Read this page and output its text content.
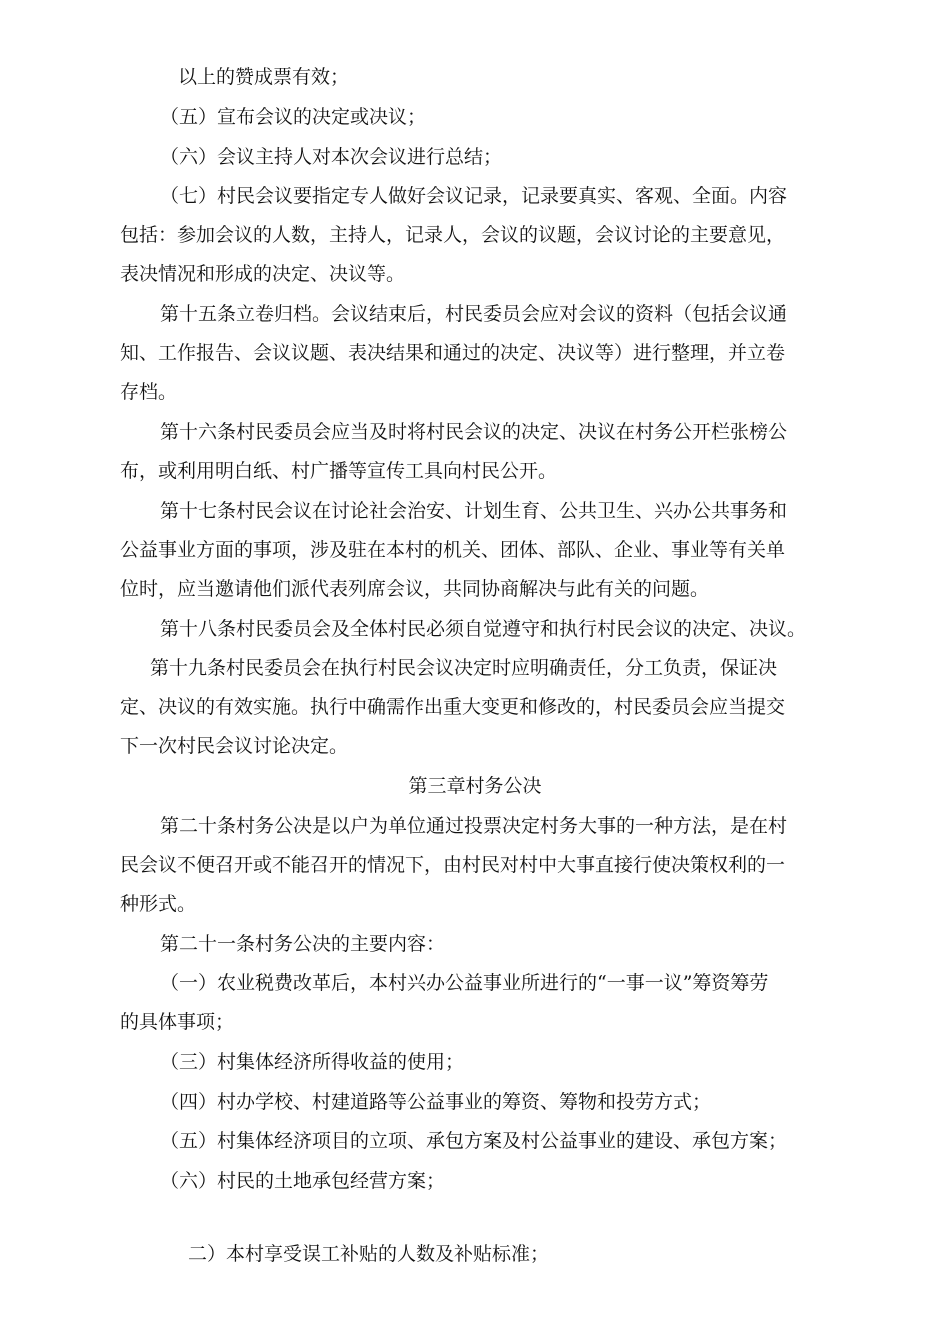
以上的赞成票有效；
（五）宣布会议的决定或决议；
（六）会议主持人对本次会议进行总结；
（七）村民会议要指定专人做好会议记录，记录要真实、客观、全面。内容
包括：参加会议的人数，主持人，记录人，会议的议题，会议讨论的主要意见，
表决情况和形成的决定、决议等。
第十五条立卷归档。会议结束后，村民委员会应对会议的资料（包括会议通
知、工作报告、会议议题、表决结果和通过的决定、决议等）进行整理，并立卷
存档。
第十六条村民委员会应当及时将村民会议的决定、决议在村务公开栏张榜公
布，或利用明白纸、村广播等宣传工具向村民公开。
第十七条村民会议在讨论社会治安、计划生育、公共卫生、兴办公共事务和
公益事业方面的事项，涉及驻在本村的机关、团体、部队、企业、事业等有关单
位时，应当邀请他们派代表列席会议，共同协商解决与此有关的问题。
第十八条村民委员会及全体村民必须自觉遵守和执行村民会议的决定、决议。
第十九条村民委员会在执行村民会议决定时应明确责任，分工负责，保证决
定、决议的有效实施。执行中确需作出重大变更和修改的，村民委员会应当提交
下一次村民会议讨论决定。
第三章村务公决
第二十条村务公决是以户为单位通过投票决定村务大事的一种方法，是在村
民会议不便召开或不能召开的情况下，由村民对村中大事直接行使决策权利的一
种形式。
第二十一条村务公决的主要内容：
（一）农业税费改革后，本村兴办公益事业所进行的“一事一议”筹资筹劳
的具体事项；
（三）村集体经济所得收益的使用；
（四）村办学校、村建道路等公益事业的筹资、筹物和投劳方式；
（五）村集体经济项目的立项、承包方案及村公益事业的建设、承包方案；
（六）村民的土地承包经营方案；
二）本村享受误工补贴的人数及补贴标准；
